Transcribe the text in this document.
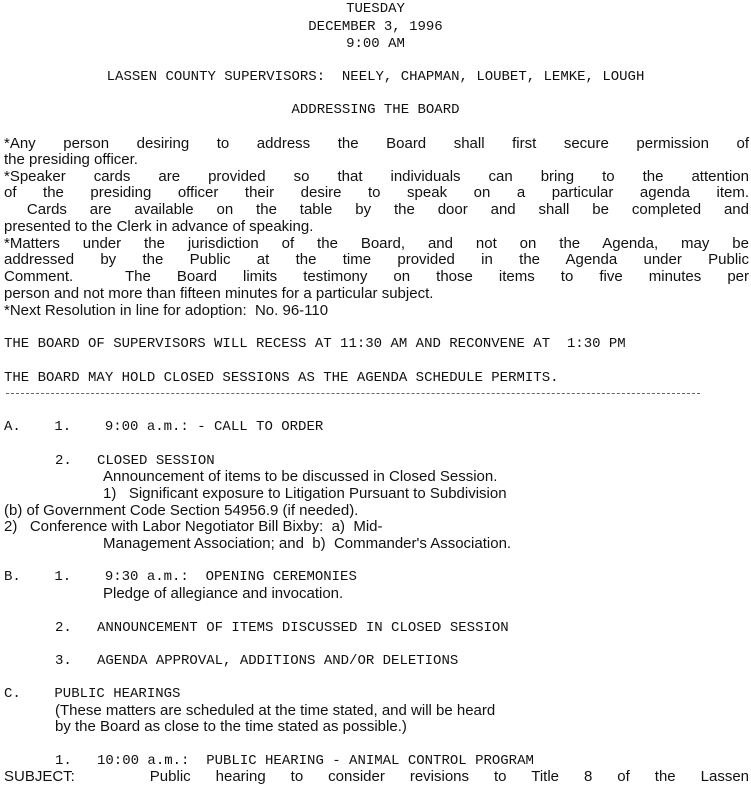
TUESDAY
DECEMBER 3, 1996
9:00 AM
LASSEN COUNTY SUPERVISORS:  NEELY, CHAPMAN, LOUBET, LEMKE, LOUGH
ADDRESSING THE BOARD
*Any person desiring to address the Board shall first secure permission of
the presiding officer.
*Speaker cards are provided so that individuals can bring to the attention
of the presiding officer their desire to speak on a particular agenda item.
Cards are available on the table by the door and shall be completed and
presented to the Clerk in advance of speaking.
*Matters under the jurisdiction of the Board, and not on the Agenda, may be
addressed by the Public at the time provided in the Agenda under Public
Comment.  The Board limits testimony on those items to five minutes per
person and not more than fifteen minutes for a particular subject.
*Next Resolution in line for adoption:  No. 96-110
THE BOARD OF SUPERVISORS WILL RECESS AT 11:30 AM AND RECONVENE AT  1:30 PM
THE BOARD MAY HOLD CLOSED SESSIONS AS THE AGENDA SCHEDULE PERMITS.
A.    1.    9:00 a.m.: - CALL TO ORDER
2.   CLOSED SESSION
Announcement of items to be discussed in Closed Session.
1)   Significant exposure to Litigation Pursuant to Subdivision
(b) of Government Code Section 54956.9 (if needed).
2)   Conference with Labor Negotiator Bill Bixby:  a)  Mid-
Management Association; and  b)  Commander's Association.
B.    1.    9:30 a.m.:  OPENING CEREMONIES
Pledge of allegiance and invocation.
2.   ANNOUNCEMENT OF ITEMS DISCUSSED IN CLOSED SESSION
3.   AGENDA APPROVAL, ADDITIONS AND/OR DELETIONS
C.    PUBLIC HEARINGS
(These matters are scheduled at the time stated, and will be heard
by the Board as close to the time stated as possible.)
1.   10:00 a.m.:  PUBLIC HEARING - ANIMAL CONTROL PROGRAM
SUBJECT:   Public hearing to consider revisions to Title 8 of the Lassen
